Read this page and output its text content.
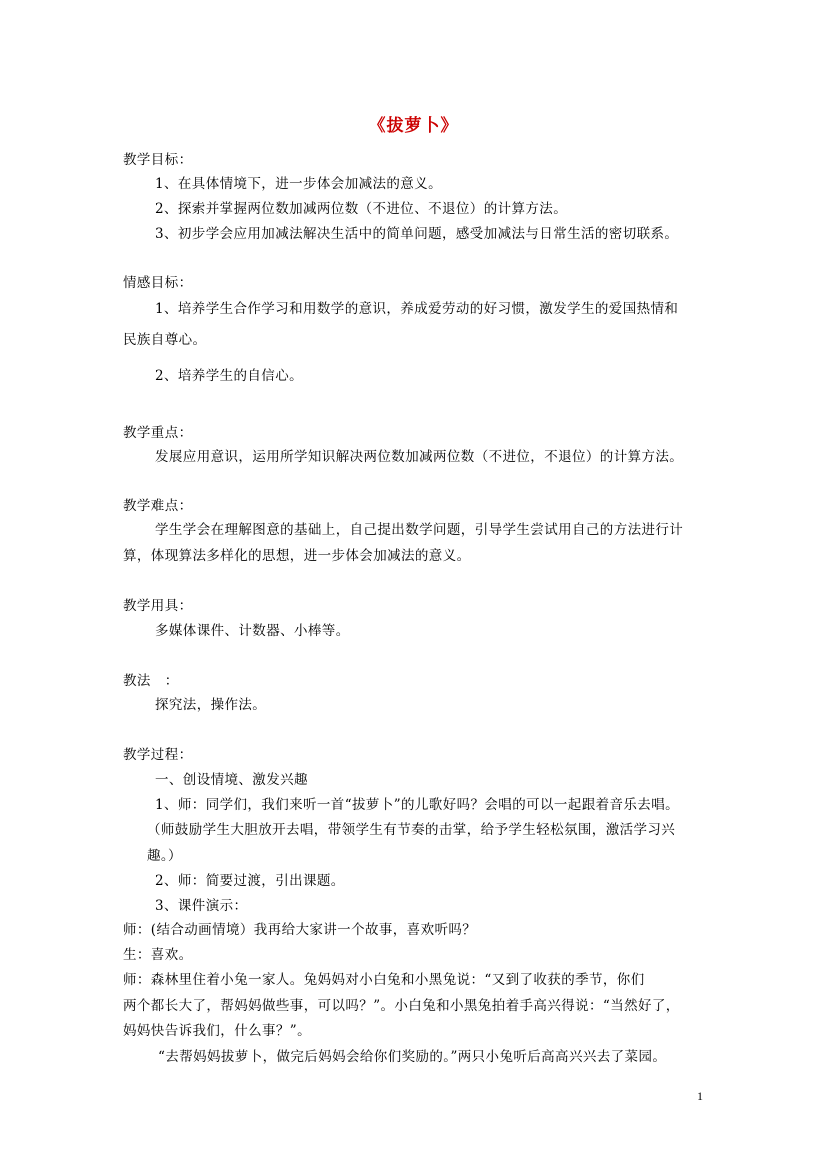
《拔萝卜》
教学目标：
1、在具体情境下，进一步体会加减法的意义。
2、探索并掌握两位数加减两位数（不进位、不退位）的计算方法。
3、初步学会应用加减法解决生活中的简单问题，感受加减法与日常生活的密切联系。
情感目标：
1、培养学生合作学习和用数学的意识，养成爱劳动的好习惯，激发学生的爱国热情和
民族自尊心。
2、培养学生的自信心。
教学重点：
发展应用意识，运用所学知识解决两位数加减两位数（不进位，不退位）的计算方法。
教学难点：
学生学会在理解图意的基础上，自己提出数学问题，引导学生尝试用自己的方法进行计
算，体现算法多样化的思想，进一步体会加减法的意义。
教学用具：
多媒体课件、计数器、小棒等。
教法　：
探究法，操作法。
教学过程：
一、创设情境、激发兴趣
1、师：同学们，我们来听一首“拔萝卜”的儿歌好吗？会唱的可以一起跟着音乐去唱。
（师鼓励学生大胆放开去唱，带领学生有节奏的击掌，给予学生轻松氛围，激活学习兴
趣。）
2、师：简要过渡，引出课题。
3、课件演示：
师：(结合动画情境）我再给大家讲一个故事，喜欢听吗？
生：喜欢。
师：森林里住着小兔一家人。兔妈妈对小白兔和小黑兔说：“又到了收获的季节，你们
两个都长大了，帮妈妈做些事，可以吗？”。小白兔和小黑兔拍着手高兴得说：“当然好了，
妈妈快告诉我们，什么事？”。
“去帮妈妈拔萝卜，做完后妈妈会给你们奖励的。”两只小兔听后高高兴兴去了菜园。
1
